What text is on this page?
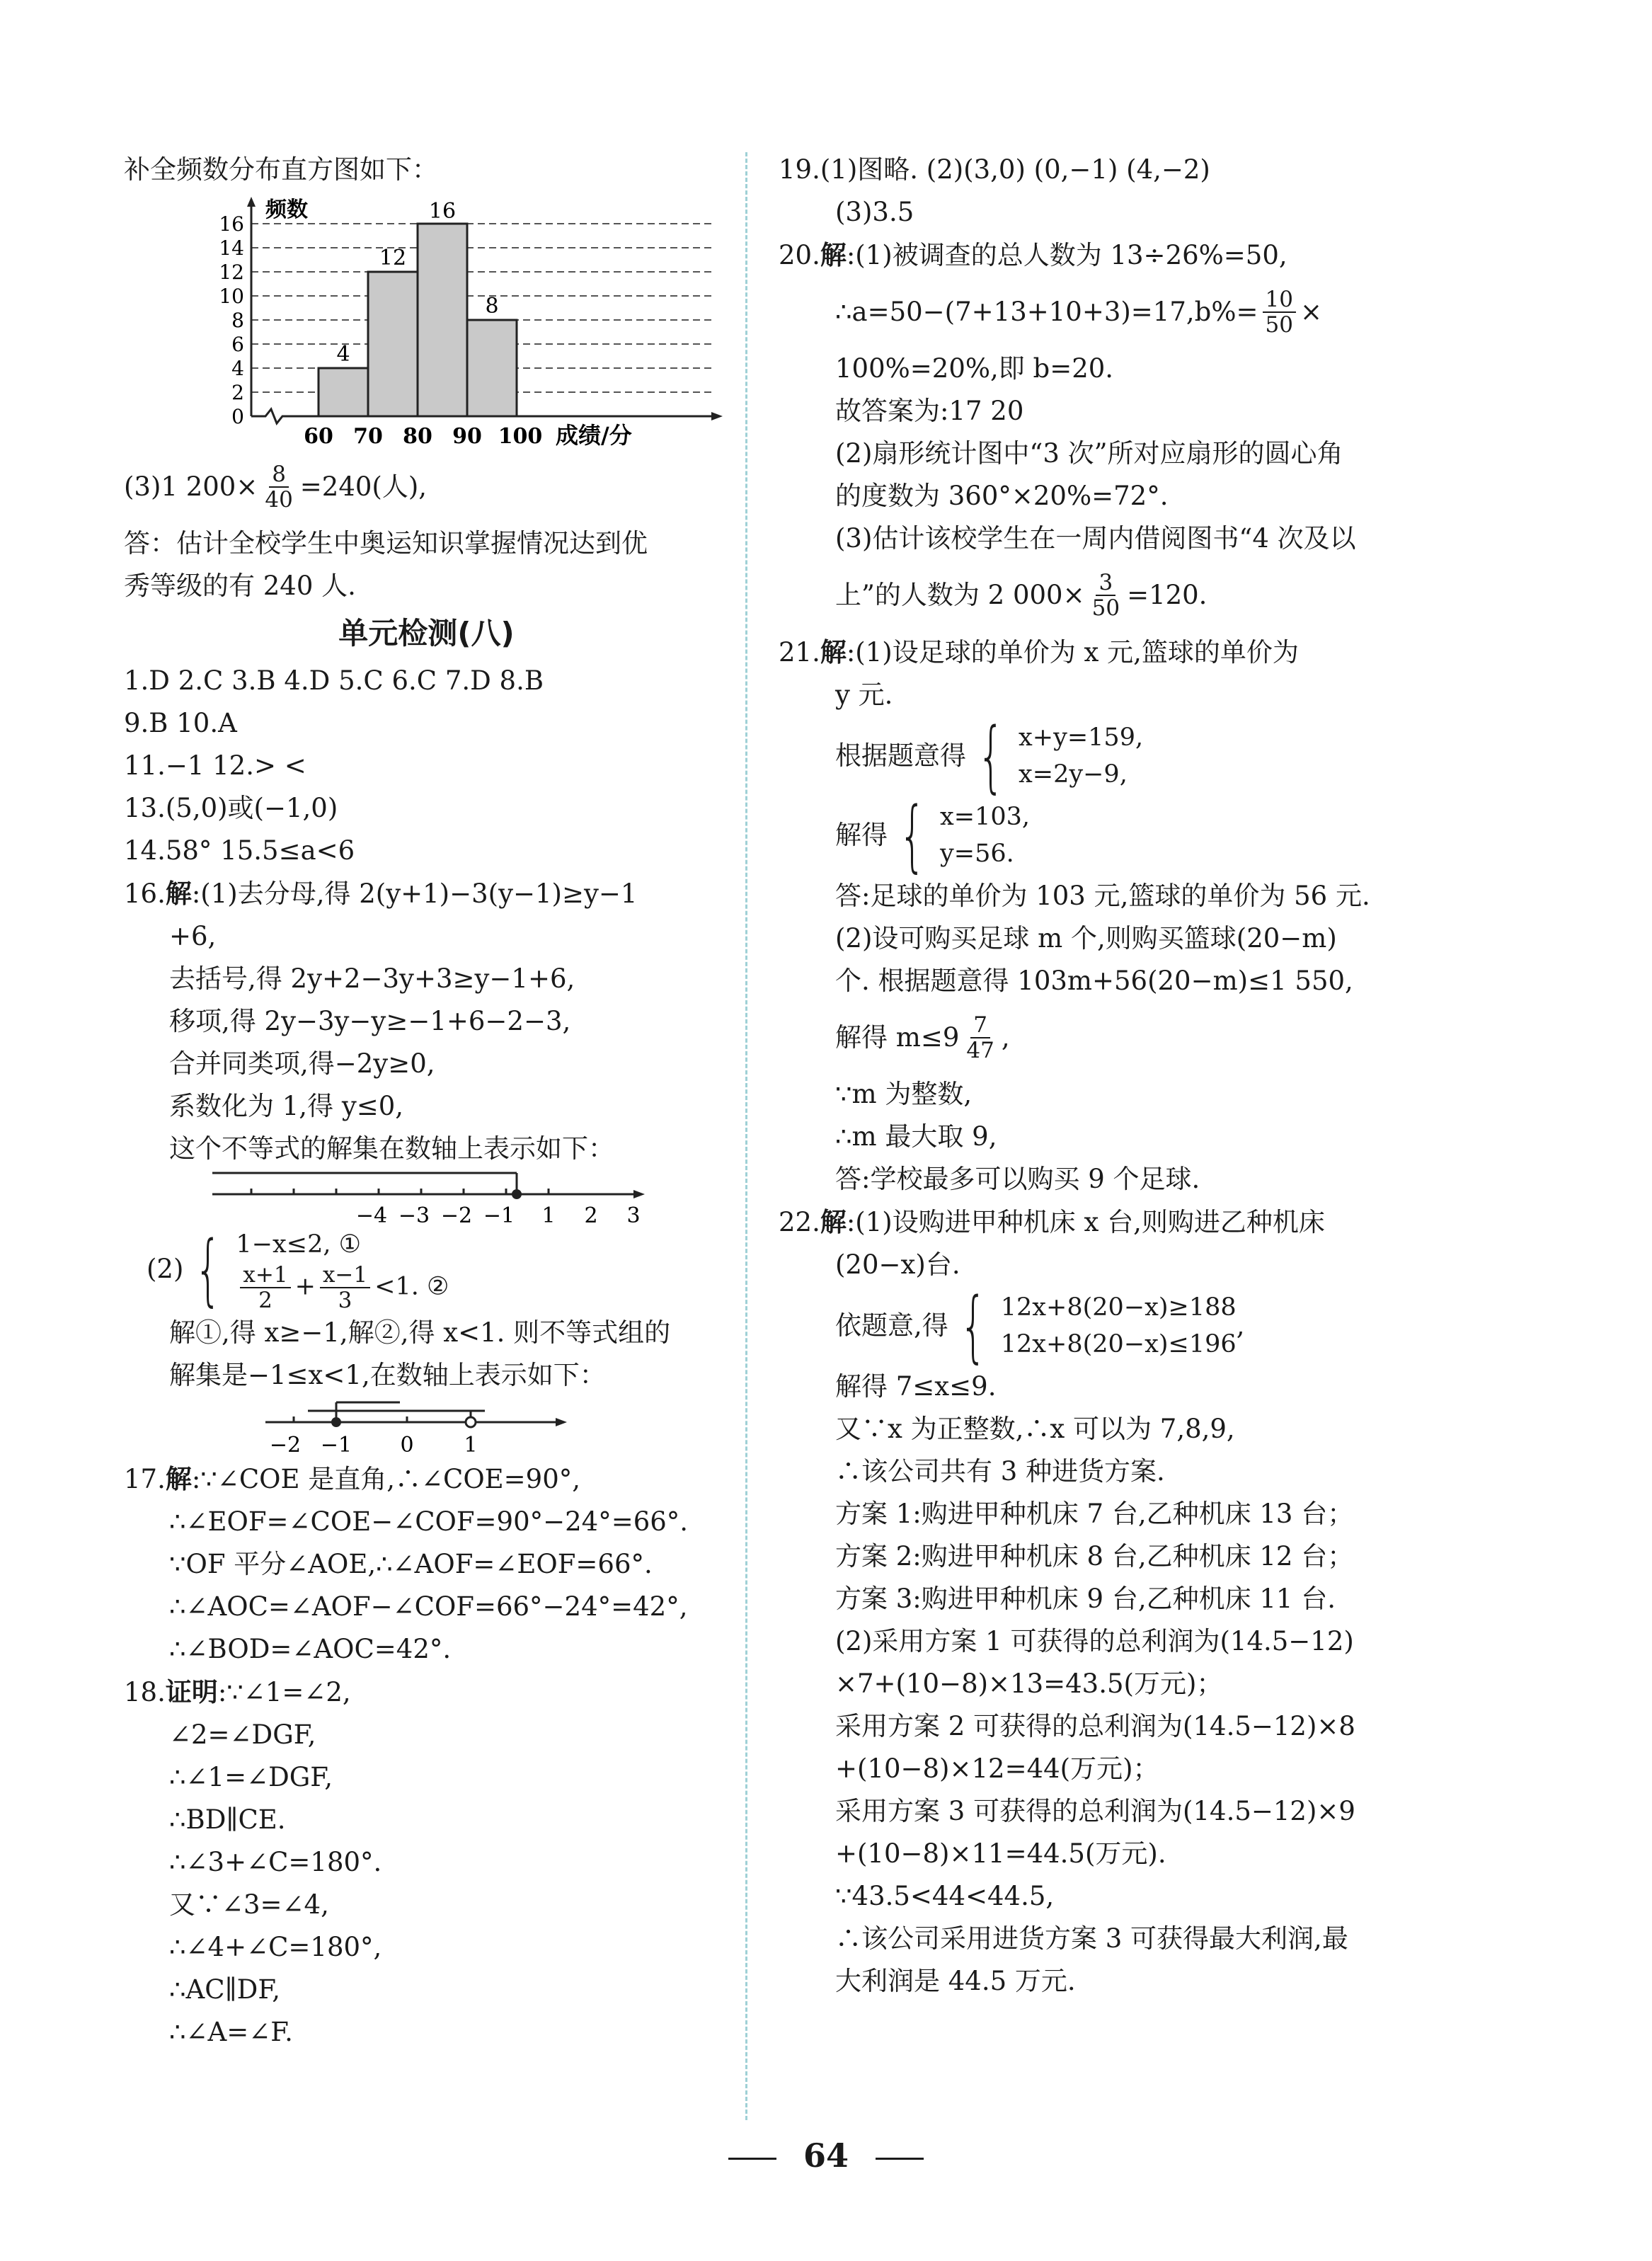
补全频数分布直方图如下：
0
2
4
6
8
10
12
14
16
频数
60 70 80 90 100 成绩/分
4
12
16
8
(3)1 $200\times \frac{8}{40} =240$(人),
答：估计全校学生中奥运知识掌握情况达到优
秀等级的有 240 人.
单元检测(八)
1.D 2.C 3.B 4.D 5.C 6.C 7.D 8.B
9.B 10.A
11.−1 12.> <
13.(5,0)或(−1,0)
14.58° 15.5≤a<6
16.解:(1)去分母,得 2(y+1)−3(y−1)≥y−1
+6,
去括号,得 2y+2−3y+3≥y−1+6,
移项,得 2y−3y−y≥−1+6−2−3,
合并同类项,得−2y≥0,
系数化为 1,得 y≤0,
这个不等式的解集在数轴上表示如下：
−4 −3 −2 −1 1 2 3
(2) { 1−x≤2, ①
$\frac{x+1}{2} + \frac{x-1}{3} <1$. ②
解①,得 x≥−1,解②,得 x<1. 则不等式组的
解集是−1≤x<1,在数轴上表示如下：
−2 −1 0 1
17.解:∵∠COE 是直角,∴∠COE=90°,
∴∠EOF=∠COE−∠COF=90°−24°=66°.
∵OF 平分∠AOE,∴∠AOF=∠EOF=66°.
∴∠AOC=∠AOF−∠COF=66°−24°=42°,
∴∠BOD=∠AOC=42°.
18.证明:∵∠1=∠2,
∠2=∠DGF,
∴∠1=∠DGF,
∴BD∥CE.
∴∠3+∠C=180°.
又∵∠3=∠4,
∴∠4+∠C=180°,
∴AC∥DF,
∴∠A=∠F.
19.(1)图略. (2)(3,0) (0,−1) (4,−2)
(3)3.5
20.解:(1)被调查的总人数为 13÷26%=50,
∴a=50−(7+13+10+3)=17,b%= $\frac{10}{50}$ ×
100%=20%,即 b=20.
故答案为:17 20
(2)扇形统计图中“3 次”所对应扇形的圆心角
的度数为 360°×20%=72°.
(3)估计该校学生在一周内借阅图书“4 次及以
上”的人数为 2 $000\times \frac{3}{50} =120$.
21.解:(1)设足球的单价为 x 元,篮球的单价为
y 元.
根据题意得 { x+y=159,
x=2y−9,
解得 { x=103,
y=56.
答:足球的单价为 103 元,篮球的单价为 56 元.
(2)设可购买足球 m 个,则购买篮球(20−m)
个. 根据题意得 103m+56(20−m)≤1 550,
解得 $m\le 9 \frac{7}{47}$ ,
∵m 为整数,
∴m 最大取 9,
答:学校最多可以购买 9 个足球.
22.解:(1)设购进甲种机床 x 台,则购进乙种机床
(20−x)台.
依题意,得 { 12x+8(20−x)≥188
12x+8(20−x)≤196
,
解得 7≤x≤9.
又∵x 为正整数,∴x 可以为 7,8,9,
∴该公司共有 3 种进货方案.
方案 1:购进甲种机床 7 台,乙种机床 13 台；
方案 2:购进甲种机床 8 台,乙种机床 12 台；
方案 3:购进甲种机床 9 台,乙种机床 11 台.
(2)采用方案 1 可获得的总利润为(14.5−12)
×7+(10−8)×13=43.5(万元)；
采用方案 2 可获得的总利润为(14.5−12)×8
+(10−8)×12=44(万元)；
采用方案 3 可获得的总利润为(14.5−12)×9
+(10−8)×11=44.5(万元).
∵43.5<44<44.5,
∴该公司采用进货方案 3 可获得最大利润,最
大利润是 44.5 万元.
64
